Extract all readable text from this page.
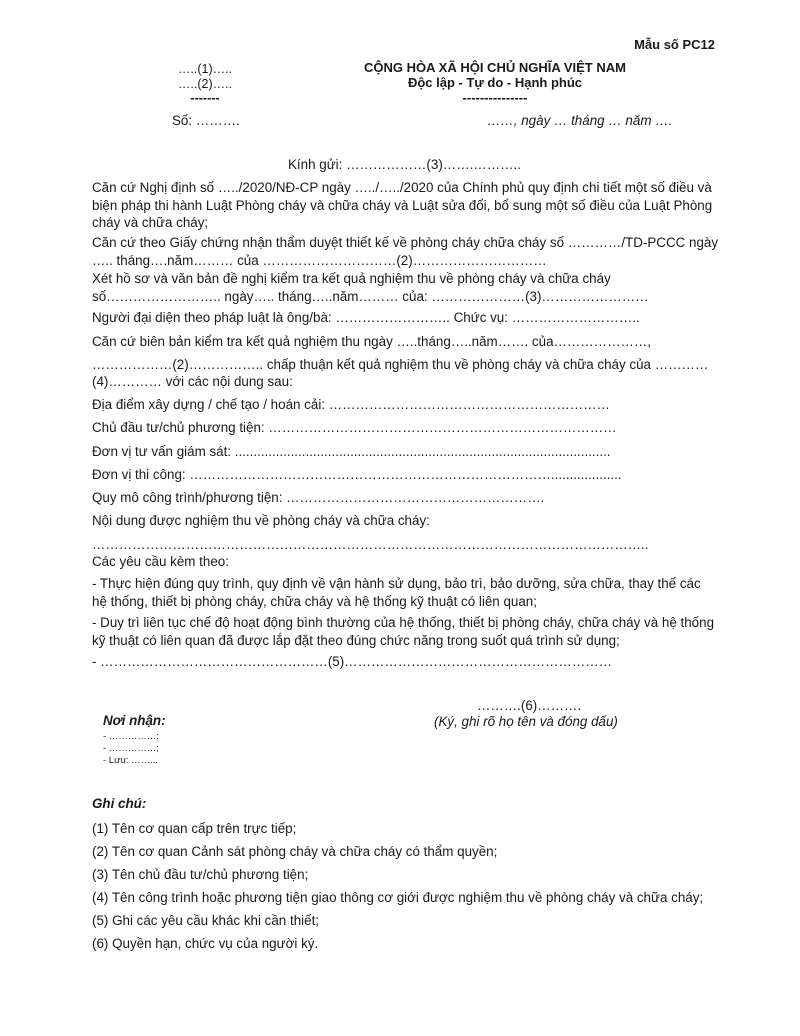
Mẫu số PC12
…..(1)…..
…..(2)…..
-------
CỘNG HÒA XÃ HỘI CHỦ NGHĨA VIỆT NAM
Độc lập - Tự do - Hạnh phúc
---------------
Số: ……….	……, ngày … tháng … năm ….
Kính gửi: ………………(3)…….………..
Căn cứ Nghị định số …../2020/NĐ-CP ngày …../…../2020 của Chính phủ quy định chi tiết một số điều và
biện pháp thi hành Luật Phòng cháy và chữa cháy và Luật sửa đổi, bổ sung một số điều của Luật Phòng
cháy và chữa cháy;
Căn cứ theo Giấy chứng nhận thẩm duyệt thiết kế về phòng cháy chữa cháy số …………/TD-PCCC ngày
….. tháng….năm……… của …………………………(2)…………………………
Xét hồ sơ và văn bản đề nghị kiểm tra kết quả nghiệm thu về phòng cháy và chữa cháy
số…………………….. ngày….. tháng…..năm……… của: …………………(3)……………………
Người đại diện theo pháp luật là ông/bà: …………………….. Chức vụ: ………………………..
Căn cứ biên bản kiểm tra kết quả nghiệm thu ngày …..tháng…..năm……. của…………………,
………………(2)…………….. chấp thuận kết quả nghiệm thu về phòng cháy và chữa cháy của …………
(4)………… với các nội dung sau:
Địa điểm xây dựng / chế tạo / hoán cải: ………………………………………………………
Chủ đầu tư/chủ phương tiện: ……………………………………………………………………
Đơn vị tư vấn giám sát: .....................................................................................................
Đơn vị thi công: ………………………………………………………………………...................
Quy mô công trình/phương tiện: ………………………………………………….
Nội dung được nghiệm thu về phòng cháy và chữa cháy:
……………………………………………………………………………………………………………..
Các yêu cầu kèm theo:
- Thực hiện đúng quy trình, quy định về vận hành sử dụng, bảo trì, bảo dưỡng, sửa chữa, thay thế các
hệ thống, thiết bị phòng cháy, chữa cháy và hệ thống kỹ thuật có liên quan;
- Duy trì liên tục chế độ hoạt động bình thường của hệ thống, thiết bị phòng cháy, chữa cháy và hệ thống
kỹ thuật có liên quan đã được lắp đặt theo đúng chức năng trong suốt quá trình sử dụng;
- ……………………………………………(5)……………………………………………………
……….(6)……….
(Ký, ghi rõ họ tên và đóng dấu)
Nơi nhận:
- ……………;
- ……………;
- Lưu: ……...
Ghi chú:
(1) Tên cơ quan cấp trên trực tiếp;
(2) Tên cơ quan Cảnh sát phòng cháy và chữa cháy có thẩm quyền;
(3) Tên chủ đầu tư/chủ phương tiện;
(4) Tên công trình hoặc phương tiện giao thông cơ giới được nghiệm thu về phòng cháy và chữa cháy;
(5) Ghi các yêu cầu khác khi cần thiết;
(6) Quyền hạn, chức vụ của người ký.
